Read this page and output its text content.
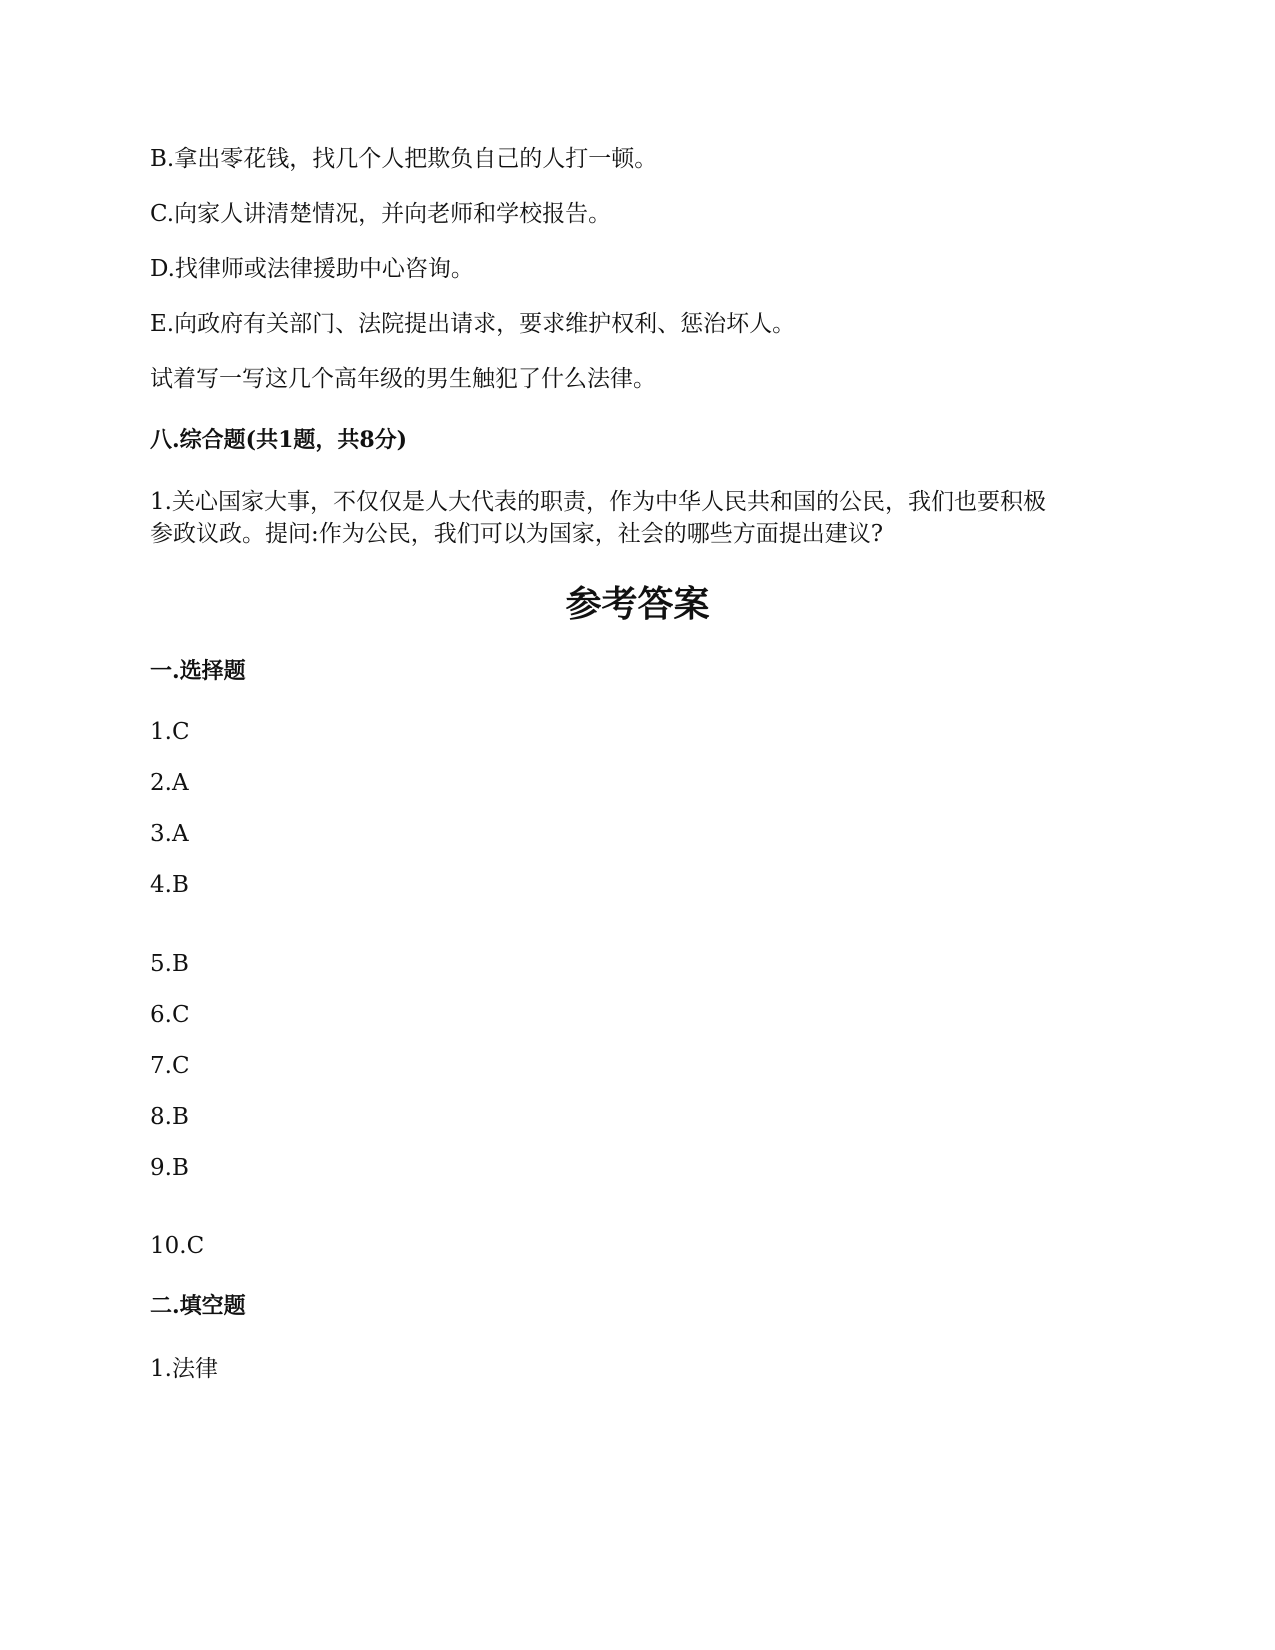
B.拿出零花钱，找几个人把欺负自己的人打一顿。
C.向家人讲清楚情况，并向老师和学校报告。
D.找律师或法律援助中心咨询。
E.向政府有关部门、法院提出请求，要求维护权利、惩治坏人。
试着写一写这几个高年级的男生触犯了什么法律。
八.综合题(共1题，共8分)
1.关心国家大事，不仅仅是人大代表的职责，作为中华人民共和国的公民，我们也要积极
参政议政。提问:作为公民，我们可以为国家，社会的哪些方面提出建议?
参考答案
一.选择题
1.C
2.A
3.A
4.B
5.B
6.C
7.C
8.B
9.B
10.C
二.填空题
1.法律
